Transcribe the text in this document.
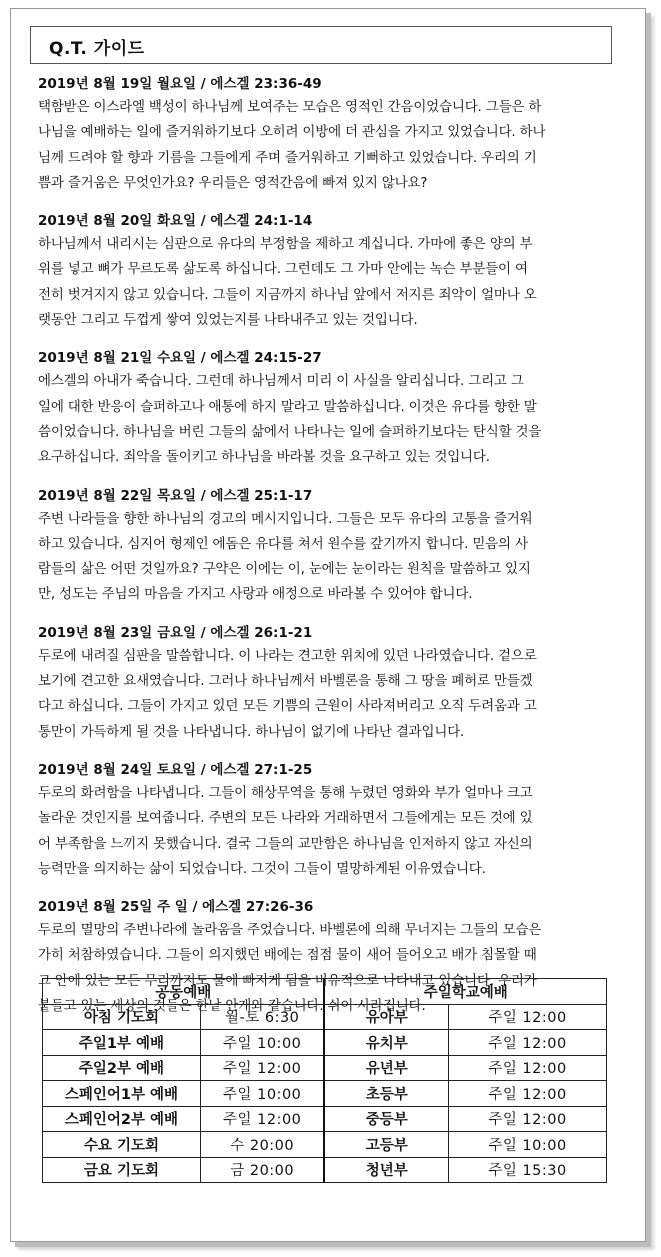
Q.T. 가이드
2019년 8월 19일 월요일 / 에스겔 23:36-49
택함받은 이스라엘 백성이 하나님께 보여주는 모습은 영적인 간음이었습니다. 그들은 하
나님을 예배하는 일에 즐거워하기보다 오히려 이방에 더 관심을 가지고 있었습니다. 하나
님께 드려야 할 향과 기름을 그들에게 주며 즐거워하고 기뻐하고 있었습니다. 우리의 기
쁨과 즐거움은 무엇인가요? 우리들은 영적간음에 빠져 있지 않나요?
2019년 8월 20일 화요일 / 에스겔 24:1-14
하나님께서 내리시는 심판으로 유다의 부정함을 제하고 계십니다. 가마에 좋은 양의 부
위를 넣고 뼈가 무르도록 삶도록 하십니다. 그런데도 그 가마 안에는 녹슨 부분들이 여
전히 벗겨지지 않고 있습니다. 그들이 지금까지 하나님 앞에서 저지른 죄악이 얼마나 오
랫동안 그리고 두껍게 쌓여 있었는지를 나타내주고 있는 것입니다.
2019년 8월 21일 수요일 / 에스겔 24:15-27
에스겔의 아내가 죽습니다. 그런데 하나님께서 미리 이 사실을 알리십니다. 그리고 그
일에 대한 반응이 슬퍼하고나 애통에 하지 말라고 말씀하십니다. 이것은 유다를 향한 말
씀이었습니다. 하나님을 버린 그들의 삶에서 나타나는 일에 슬퍼하기보다는 탄식할 것을
요구하십니다. 죄악을 돌이키고 하나님을 바라볼 것을 요구하고 있는 것입니다.
2019년 8월 22일 목요일 / 에스겔 25:1-17
주변 나라들을 향한 하나님의 경고의 메시지입니다. 그들은 모두 유다의 고통을 즐거워
하고 있습니다. 심지어 형제인 에돔은 유다를 쳐서 원수를 갚기까지 합니다. 믿음의 사
람들의 삶은 어떤 것일까요? 구약은 이에는 이, 눈에는 눈이라는 원칙을 말씀하고 있지
만, 성도는 주님의 마음을 가지고 사랑과 애정으로 바라볼 수 있어야 합니다.
2019년 8월 23일 금요일 / 에스겔 26:1-21
두로에 내려질 심판을 말씀합니다. 이 나라는 견고한 위치에 있던 나라였습니다. 겉으로
보기에 견고한 요새였습니다. 그러나 하나님께서 바벨론을 통해 그 땅을 폐허로 만들겠
다고 하십니다. 그들이 가지고 있던 모든 기쁨의 근원이 사라져버리고 오직 두려움과 고
통만이 가득하게 될 것을 나타냅니다. 하나님이 없기에 나타난 결과입니다.
2019년 8월 24일 토요일 / 에스겔 27:1-25
두로의 화려함을 나타냅니다. 그들이 해상무역을 통해 누렸던 영화와 부가 얼마나 크고
놀라운 것인지를 보여줍니다. 주변의 모든 나라와 거래하면서 그들에게는 모든 것에 있
어 부족함을 느끼지 못했습니다. 결국 그들의 교만함은 하나님을 인저하지 않고 자신의
능력만을 의지하는 삶이 되었습니다. 그것이 그들이 멸망하게된 이유였습니다.
2019년 8월 25일 주 일 / 에스겔 27:26-36
두로의 멸망의 주변나라에 놀라움을 주었습니다. 바벨론에 의해 무너지는 그들의 모습은
가히 처참하였습니다. 그들이 의지했던 배에는 점점 물이 새어 들어오고 배가 침몰할 때
그 안에 있는 모든 무리까지도 물에 빠지게 됨을 비유적으로 나타내고 있습니다. 우리가
붙들고 있는 세상의 것들은 한낱 안개와 같습니다. 쉬이 사라집니다.
공동예배		주일학교예배	
아침 기도회	월-토 6:30	유아부	주일 12:00
주일1부 예배	주일 10:00	유치부	주일 12:00
주일2부 예배	주일 12:00	유년부	주일 12:00
스페인어1부 예배	주일 10:00	초등부	주일 12:00
스페인어2부 예배	주일 12:00	중등부	주일 12:00
수요 기도회	수 20:00	고등부	주일 10:00
금요 기도회	금 20:00	청년부	주일 15:30
